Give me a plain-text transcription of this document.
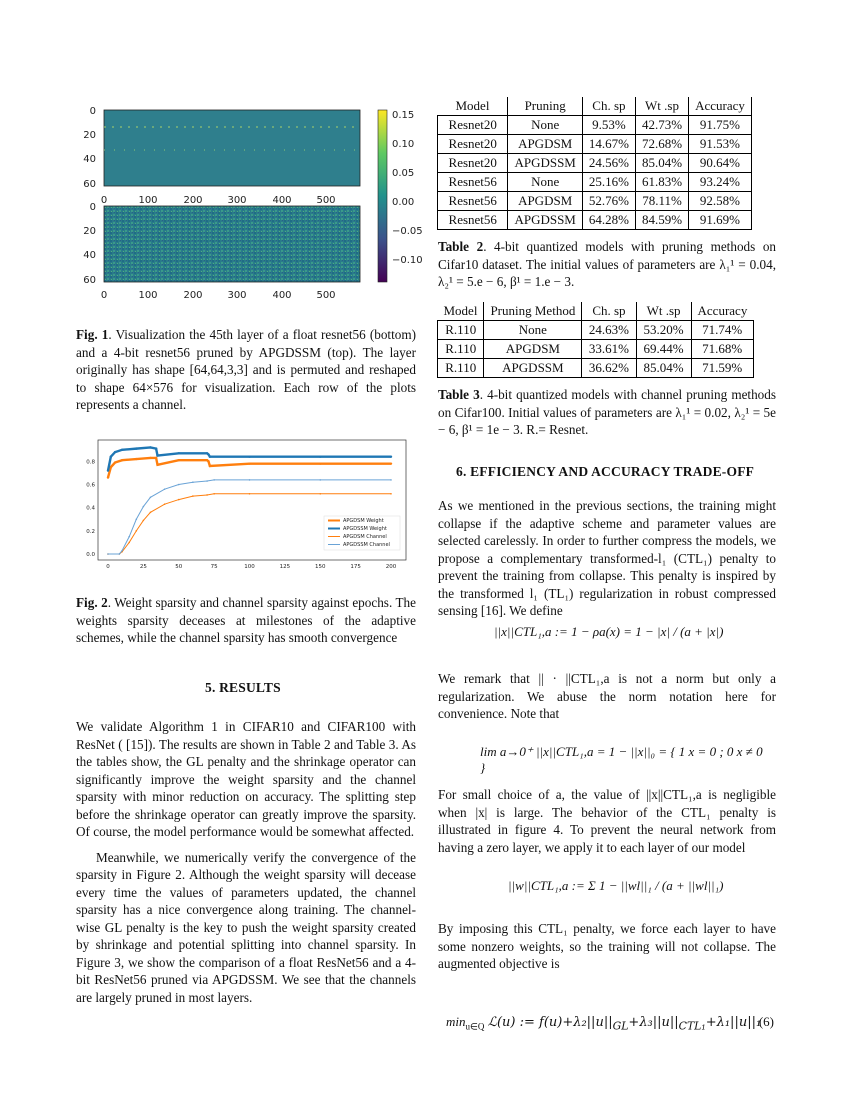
0
20
40
60
0
20
40
60
0	100	200 300	400 500
0	100	200 300	400 500
0.15
0.10
0.05
0.00
−0.05
−0.10
Fig. 1. Visualization the 45th layer of a float resnet56 (bottom) and a 4-bit resnet56 pruned by APGDSSM (top). The layer originally has shape [64,64,3,3] and is permuted and reshaped to shape 64×576 for visualization. Each row of the plots represents a channel.
0.0
0.2
0.4
0.6
0.8
0	25	50	75	100	125	150	175	200
APGDSM Weight
APGDSSM Weight
APGDSM Channel
APGDSSM Channel
Fig. 2. Weight sparsity and channel sparsity against epochs. The weights sparsity deceases at milestones of the adaptive schemes, while the channel sparsity has smooth convergence
5. RESULTS

We validate Algorithm 1 in CIFAR10 and CIFAR100 with ResNet ( [15]). The results are shown in Table 2 and Table 3. As the tables show, the GL penalty and the shrinkage operator can significantly improve the weight sparsity and the channel sparsity with minor reduction on accuracy. The splitting step before the shrinkage operator can greatly improve the sparsity. Of course, the model performance would be somewhat affected.

Meanwhile, we numerically verify the convergence of the sparsity in Figure 2. Although the weight sparsity will decease every time the values of parameters updated, the channel sparsity has a nice convergence along training. The channel-wise GL penalty is the key to push the weight sparsity created by shrinkage and potential splitting into channel sparsity. In Figure 3, we show the comparison of a float ResNet56 and a 4-bit ResNet56 pruned via APGDSSM. We see that the channels are largely pruned in most layers.

Model	Pruning	Ch. sp	Wt .sp	Accuracy
Resnet20	None	9.53%	42.73%	91.75%
Resnet20	APGDSM	14.67%	72.68%	91.53%
Resnet20	APGDSSM	24.56%	85.04%	90.64%
Resnet56	None	25.16%	61.83%	93.24%
Resnet56	APGDSM	52.76%	78.11%	92.58%
Resnet56	APGDSSM	64.28%	84.59%	91.69%
Table 2. 4-bit quantized models with pruning methods on Cifar10 dataset. The initial values of parameters are λ₁¹ = 0.04, λ₂¹ = 5.e − 6, β¹ = 1.e − 3.
Model	Pruning Method	Ch. sp	Wt .sp	Accuracy
R.110	None	24.63%	53.20%	71.74%
R.110	APGDSM	33.61%	69.44%	71.68%
R.110	APGDSSM	36.62%	85.04%	71.59%
Table 3. 4-bit quantized models with channel pruning methods on Cifar100. Initial values of parameters are λ₁¹ = 0.02, λ₂¹ = 5e − 6, β¹ = 1e − 3. R.= Resnet.
6. EFFICIENCY AND ACCURACY TRADE-OFF
As we mentioned in the previous sections, the training might collapse if the adaptive scheme and parameter values are selected carelessly. In order to further compress the models, we propose a complementary transformed-l₁ (CTL₁) penalty to prevent the training from collapse. This penalty is inspired by the transformed l₁ (TL₁) regularization in robust compressed sensing [16]. We define
||x||CTL₁,a := 1 − ρa(x) = 1 − |x| / (a + |x|)
We remark that || · ||CTL₁,a is not a norm but only a regularization. We abuse the norm notation here for convenience. Note that
lim a→0⁺ ||x||CTL₁,a = 1 − ||x||₀ = { 1 x = 0 ; 0 x ≠ 0 }
For small choice of a, the value of ||x||CTL₁,a is negligible when |x| is large. The behavior of the CTL₁ penalty is illustrated in figure 4. To prevent the neural network from having a zero layer, we apply it to each layer of our model
||w||CTL₁,a := Σ 1 − ||wl||₁ / (a + ||wl||₁)
By imposing this CTL₁ penalty, we force each layer to have some nonzero weights, so the training will not collapse. The augmented objective is
$\min_{u\in Q}$ ℒ(u) := $f(u)+\lambda_2||u||_{GL}+\lambda_3||u||_{CTL_1}+\lambda_1||u||_1$
(6)
